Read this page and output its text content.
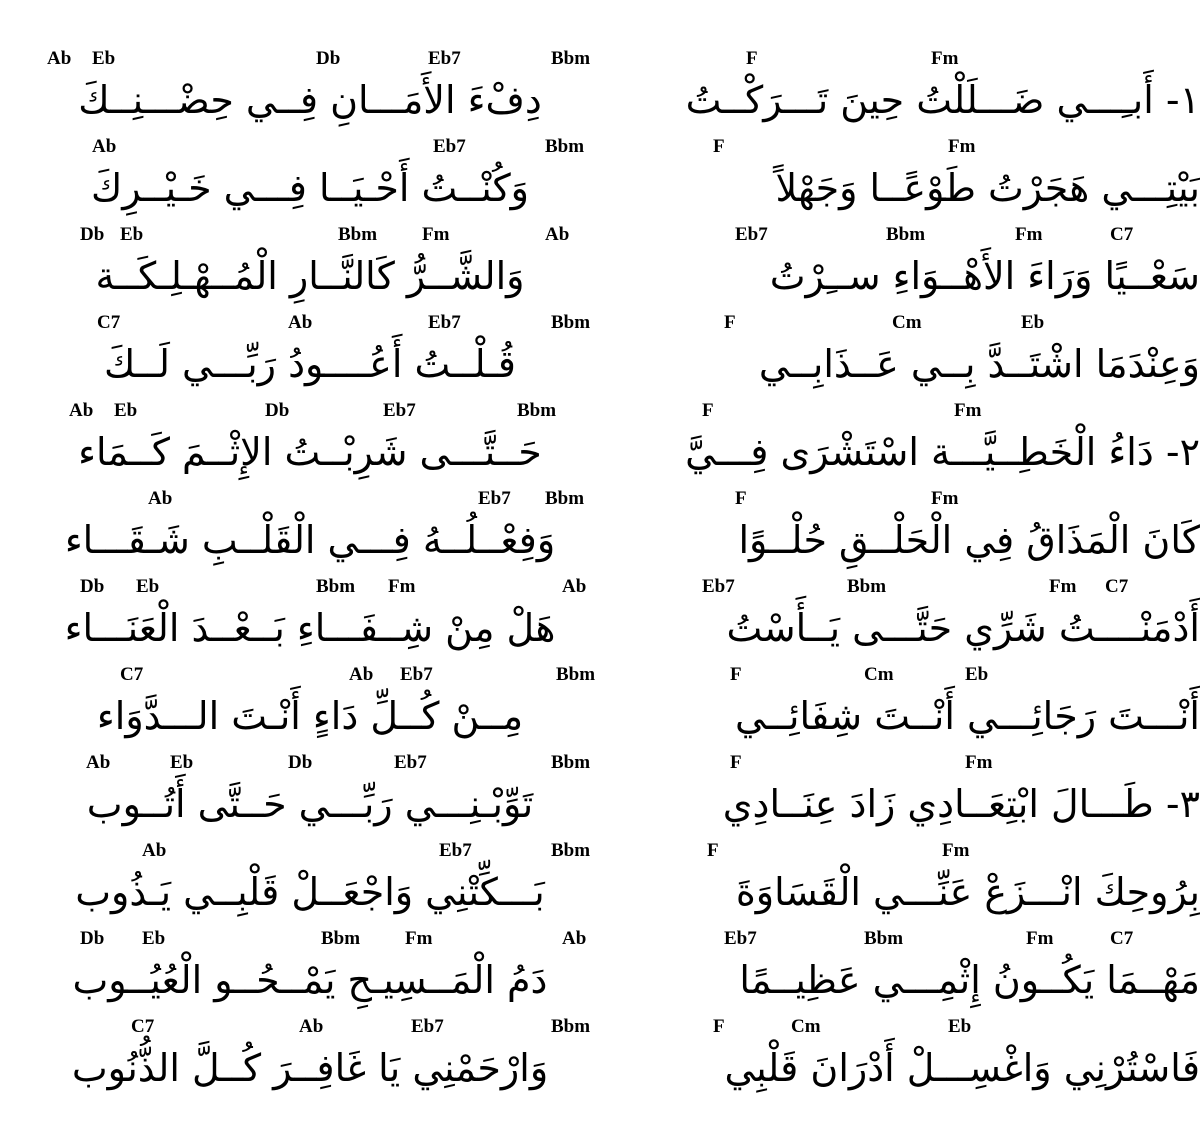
F	Fm
١- أَبـِـــي ضَـــلَلْتُ حِينَ تَـــرَكْــتُ
F	Fm
بَيْتِـــي هَجَرْتُ طَوْعًــا وَجَهْلاً
Eb7	Bbm	Fm	C7
سَعْــيًا وَرَاءَ الأَهْــوَاءِ ســِرْتُ
F	Cm	Eb
وَعِنْدَمَا اشْتَــدَّ بِــي عَــذَابِــي
F	Fm
٢- دَاءُ الْخَطِــيَّـــة اسْتَشْرَى فِـــيَّ
F	Fm
كَانَ الْمَذَاقُ فِي الْحَلْــقِ حُلْــوًا
Eb7	Bbm	Fm C7
أَدْمَنْــــتُ شَرِّي حَتَّـــى يَــأَسْتُ
F	Cm	Eb
أَنْـــتَ رَجَائِـــي أَنْــتَ شِفَائِــي
F	Fm
٣- طَـــالَ ابْتِعَــادِي زَادَ عِنَــادِي
F	Fm
بِرُوحِكَ انْـــزَعْ عَنِّـــي الْقَسَاوَةَ
Eb7	Bbm	Fm	C7
مَهْــمَا يَكُــونُ إِثْمِـــي عَظِيــمًا
F	Cm	Eb
فَاسْتُرْنِي وَاغْسِـــلْ أَدْرَانَ قَلْبِي
Ab Eb	Db	Eb7	Bbm
دِفْءَ الأَمَـــانِ فِــي حِضْـــنِــكَ
Ab	Eb7	Bbm
وَكُنْــتُ أَحْـيَــا فِـــي خَـيْــرِكَ
Db Eb	Bbm Fm	Ab
وَالشَّــرُّ كَالنَّــارِ الْمُــهْـلِـكَــة
C7	Ab	Eb7	Bbm
قُـلْــتُ أَعُــــودُ رَبِّـــي لَــكَ
Ab Eb	Db	Eb7	Bbm
حَــتَّـــى شَرِبْــتُ الإِثْــمَ كَــمَاء
Ab	Eb7 Bbm
وَفِعْــلُــهُ فِـــي الْقَلْــبِ شَـقَـــاء
Db Eb	Bbm Fm	Ab
هَلْ مِنْ شِــفَـــاءِ بَــعْــدَ الْعَنَـــاء
C7	Ab Eb7	Bbm
مِــنْ كُــلِّ دَاءٍ أَنْـتَ الـــدَّوَاء
Ab	Eb	Db	Eb7	Bbm
تَوِّبْـنِـــي رَبِّـــي حَــتَّى أَتُــوب
Ab	Eb7	Bbm
بَـــكِّتْنِي وَاجْعَــلْ قَلْبِــي يَـذُوب
Db Eb	Bbm Fm	Ab
دَمُ الْمَــسِيـحِ يَمْــحُــو الْعُيُــوب
C7	Ab	Eb7	Bbm
وَارْحَمْنِي يَا غَافِــرَ كُــلَّ الذُّنُوب
